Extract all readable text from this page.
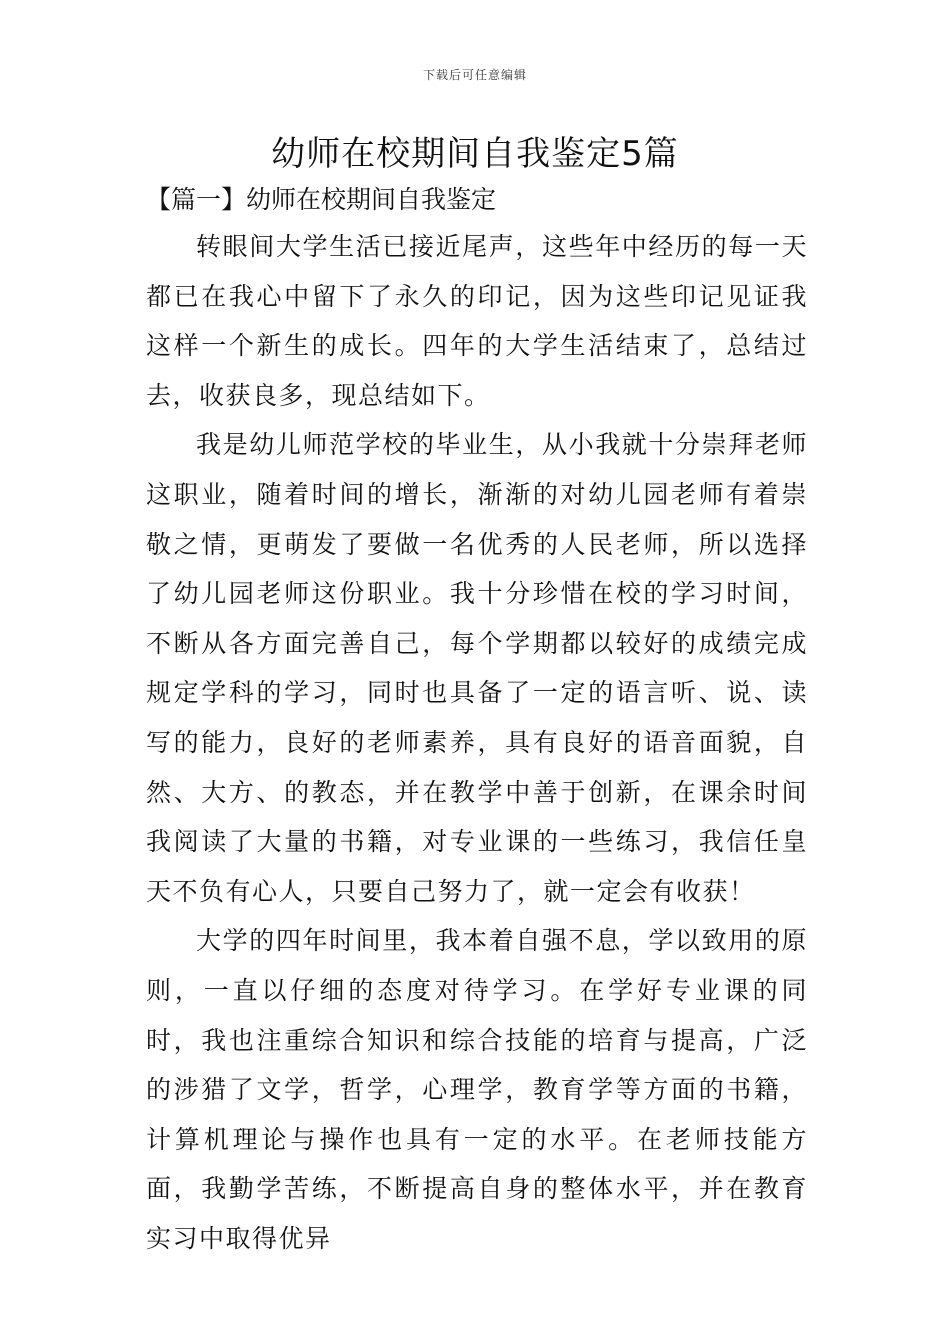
下载后可任意编辑
幼师在校期间自我鉴定5篇
【篇一】幼师在校期间自我鉴定

转眼间大学生活已接近尾声，这些年中经历的每一天都已在我心中留下了永久的印记，因为这些印记见证我这样一个新生的成长。四年的大学生活结束了，总结过去，收获良多，现总结如下。

我是幼儿师范学校的毕业生，从小我就十分崇拜老师这职业，随着时间的增长，渐渐的对幼儿园老师有着崇敬之情，更萌发了要做一名优秀的人民老师，所以选择了幼儿园老师这份职业。我十分珍惜在校的学习时间，不断从各方面完善自己，每个学期都以较好的成绩完成规定学科的学习，同时也具备了一定的语言听、说、读写的能力，良好的老师素养，具有良好的语音面貌，自然、大方、的教态，并在教学中善于创新，在课余时间我阅读了大量的书籍，对专业课的一些练习，我信任皇天不负有心人，只要自己努力了，就一定会有收获！

大学的四年时间里，我本着自强不息，学以致用的原则，一直以仔细的态度对待学习。在学好专业课的同时，我也注重综合知识和综合技能的培育与提高，广泛的涉猎了文学，哲学，心理学，教育学等方面的书籍，计算机理论与操作也具有一定的水平。在老师技能方面，我勤学苦练，不断提高自身的整体水平，并在教育实习中取得优异
